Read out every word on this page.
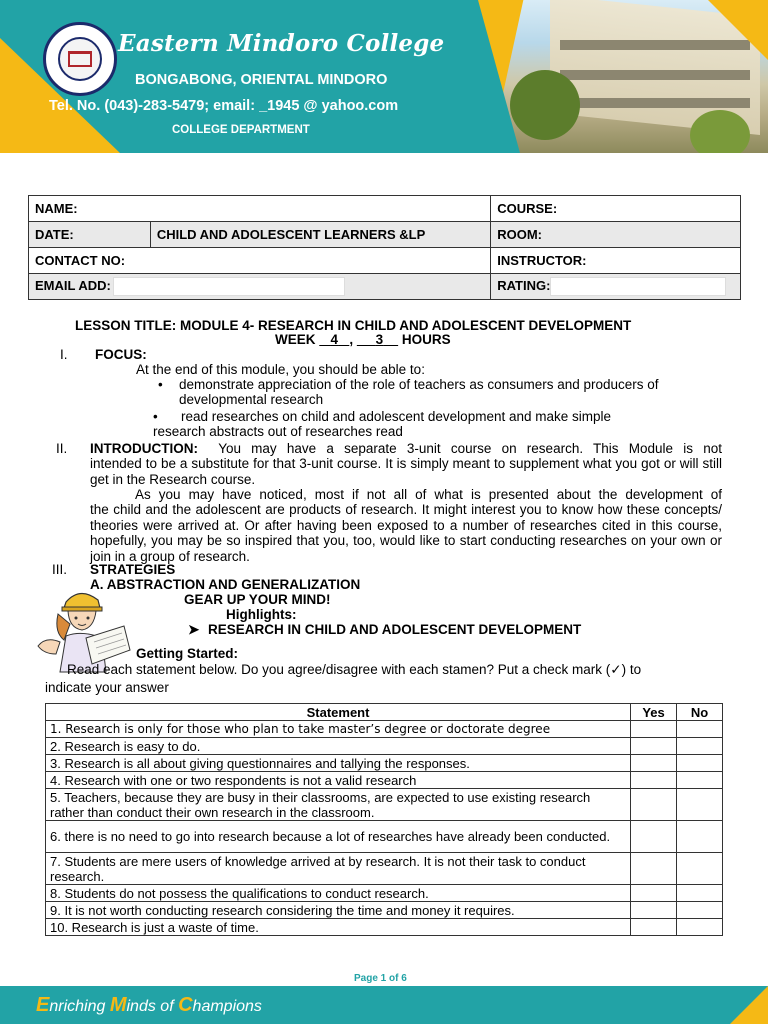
Eastern Mindoro College
BONGABONG, ORIENTAL MINDORO
Tel. No. (043)-283-5479; email: _1945 @ yahoo.com
COLLEGE DEPARTMENT
NAME:		COURSE:
DATE:	CHILD AND ADOLESCENT LEARNERS &LP	ROOM:
CONTACT NO:		INSTRUCTOR:
EMAIL ADD:		RATING:
LESSON TITLE: MODULE 4- RESEARCH IN CHILD AND ADOLESCENT DEVELOPMENT
WEEK 4 ,      3 HOURS
I. FOCUS:
At the end of this module, you should be able to:
• demonstrate appreciation of the role of teachers as consumers and producers of
developmental research
• read researches on child and adolescent development and make simple
research abstracts out of researches read
II. INTRODUCTION: You may have a separate 3-unit course on research. This Module is not
intended to be a substitute for that 3-unit course. It is simply meant to supplement what you got or will still get in the Research course.
As you may have noticed, most if not all of what is presented about the development of
the child and the adolescent are products of research. It might interest you to know how these concepts/ theories were arrived at. Or after having been exposed to a number of researches cited in this course, hopefully, you may be so inspired that you, too, would like to start conducting researches on your own or join in a group of research.
III. STRATEGIES
A. ABSTRACTION AND GENERALIZATION
GEAR UP YOUR MIND!
Highlights:
➤ RESEARCH IN CHILD AND ADOLESCENT DEVELOPMENT
Getting Started:
Read each statement below. Do you agree/disagree with each stamen? Put a check mark (✓) to
indicate your answer
Statement	Yes	No
1. Research is only for those who plan to take master’s degree or doctorate degree		
2. Research is easy to do.		
3. Research is all about giving questionnaires and tallying the responses.		
4. Research with one or two respondents is not a valid research		
5. Teachers, because they are busy in their classrooms, are expected to use existing research rather than conduct their own research in the classroom.		
6. there is no need to go into research because a lot of researches have already been conducted.		
7. Students are mere users of knowledge arrived at by research. It is not their task to conduct research.		
8. Students do not possess the qualifications to conduct research.		
9. It is not worth conducting research considering the time and money it requires.		
10. Research is just a waste of time.		
Page 1 of 6
Enriching Minds of Champions
